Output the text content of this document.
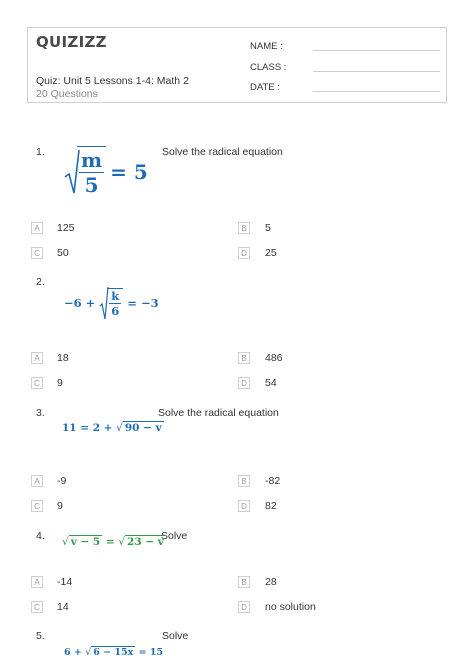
QUIZIZZ
Quiz: Unit 5 Lessons 1-4: Math 2
20 Questions
NAME :
CLASS :
DATE :
1.	Solve the radical equation
$\frac{m}{5} = 5$
A	125	B	5
C 50	D 25
2.
$-6 + \frac{k}{6} = -3$
A	18	B	486
C 9	D 54
3.	Solve the radical equation
11 = 2 + √ 90 − v
A	-9	B	-82
C 9	D 82
4.	Solve
√ v − 5 = √ 23 − v
A	-14	B	28
C 14	D no solution
5.	Solve
6 + √ 6 − 15x = 15
